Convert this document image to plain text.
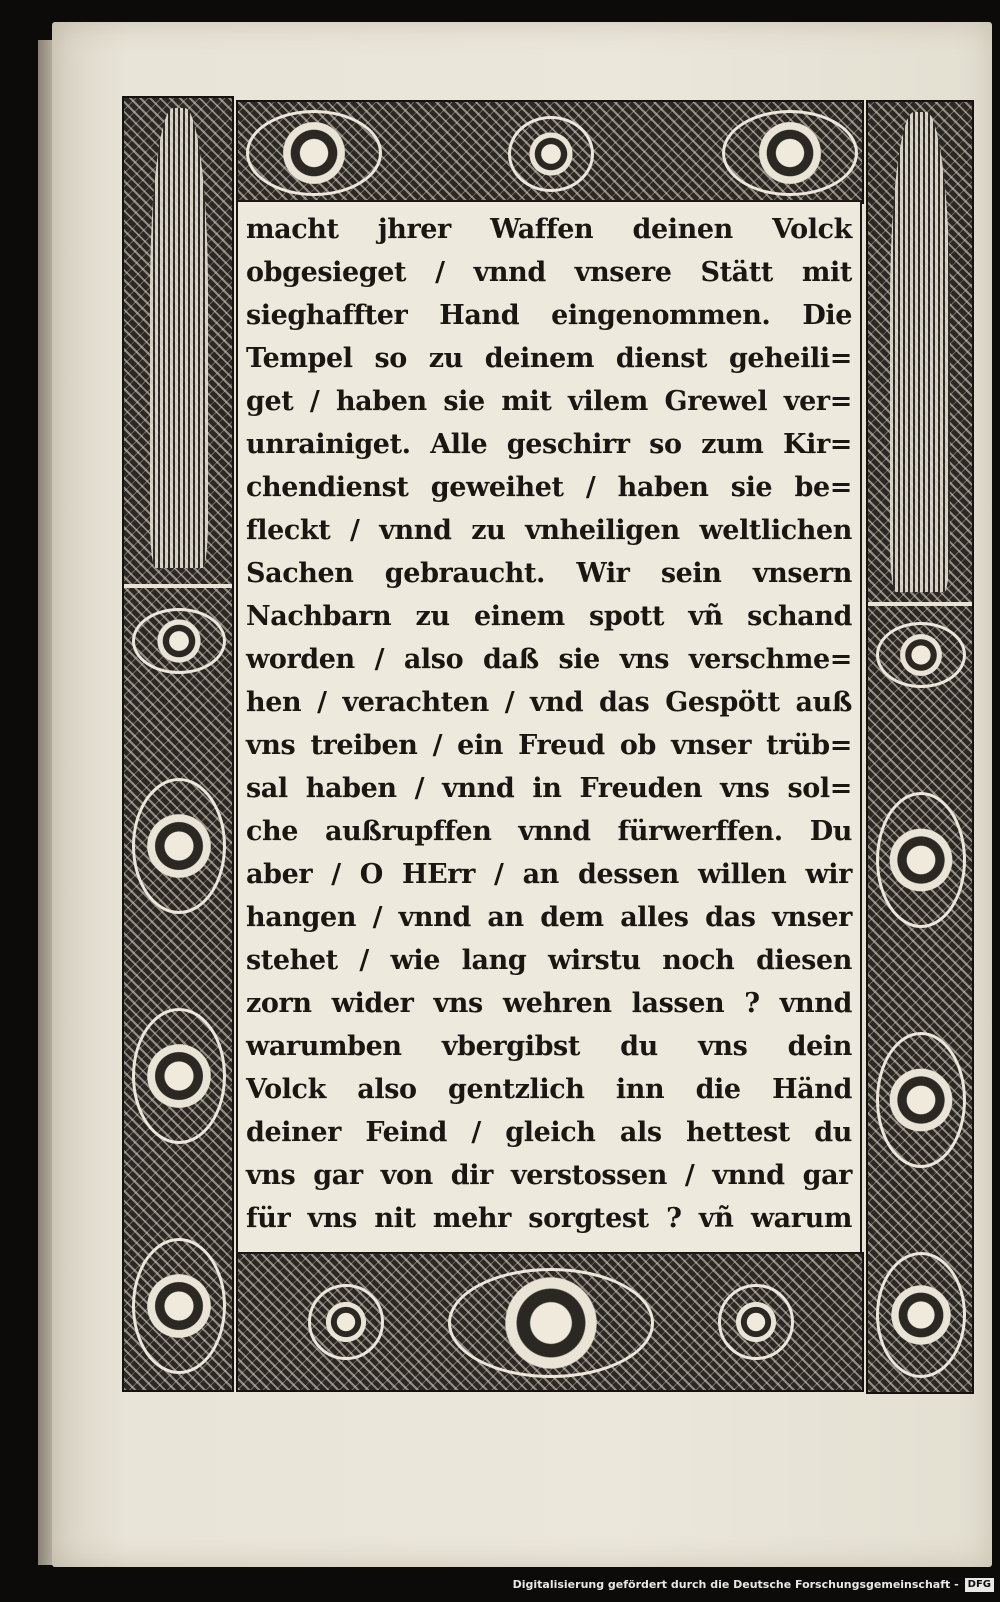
macht jhrer Waffen deinen Volck
obgesieget / vnnd vnsere Stätt mit
sieghaffter Hand eingenommen. Die
Tempel so zu deinem dienst geheili=
get / haben sie mit vilem Grewel ver=
unrainiget. Alle geschirr so zum Kir=
chendienst geweihet / haben sie be=
fleckt / vnnd zu vnheiligen weltlichen
Sachen gebraucht. Wir sein vnsern
Nachbarn zu einem spott vñ schand
worden / also daß sie vns verschme=
hen / verachten / vnd das Gespött auß
vns treiben / ein Freud ob vnser trüb=
sal haben / vnnd in Freuden vns sol=
che außrupffen vnnd fürwerffen. Du
aber / O HErr / an dessen willen wir
hangen / vnnd an dem alles das vnser
stehet / wie lang wirstu noch diesen
zorn wider vns wehren lassen ? vnnd
warumben vbergibst du vns dein
Volck also gentzlich inn die Händ
deiner Feind / gleich als hettest du
vns gar von dir verstossen / vnnd gar
für vns nit mehr sorgtest ? vñ warum
Digitalisierung gefördert durch die Deutsche Forschungsgemeinschaft - DFG
